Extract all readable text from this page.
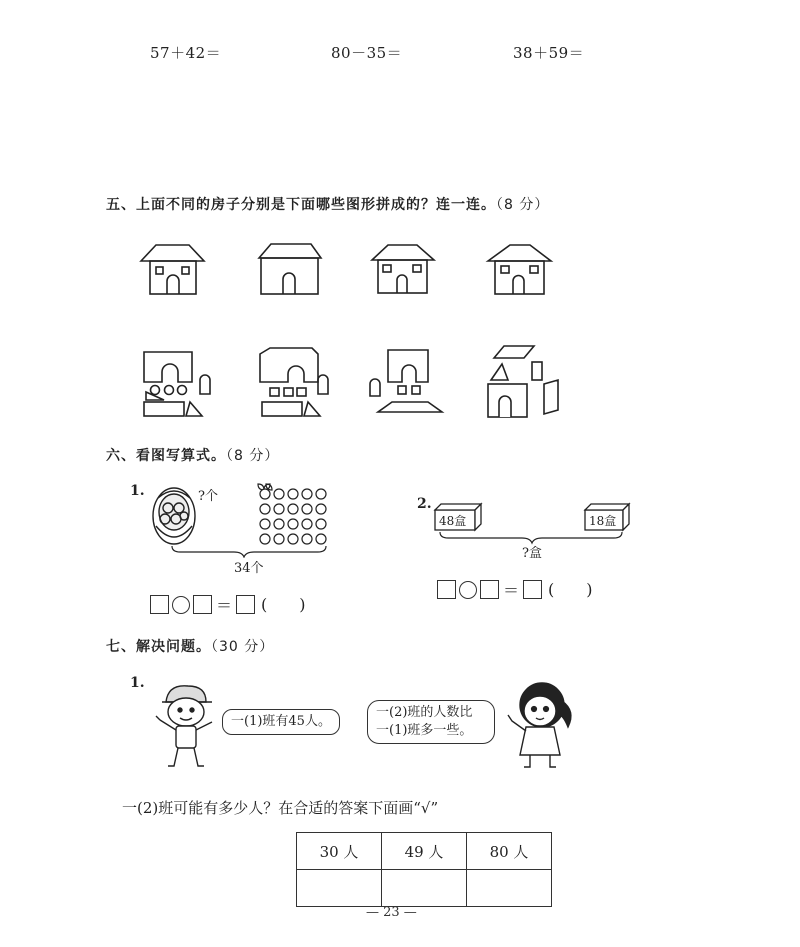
57＋42＝	80－35＝	38＋59＝
五、上面不同的房子分别是下面哪些图形拼成的？连一连。（8 分）
六、看图写算式。（8 分）
1.	?个
34个
＝ ( )
2.
48盒	18盒
?盒
＝ ( )
七、解决问题。（30 分）
1.
一(1)班有45人。
一(2)班的人数比
一(1)班多一些。
一(2)班可能有多少人？在合适的答案下面画“√”
30 人	49 人	80 人

— 23 —
